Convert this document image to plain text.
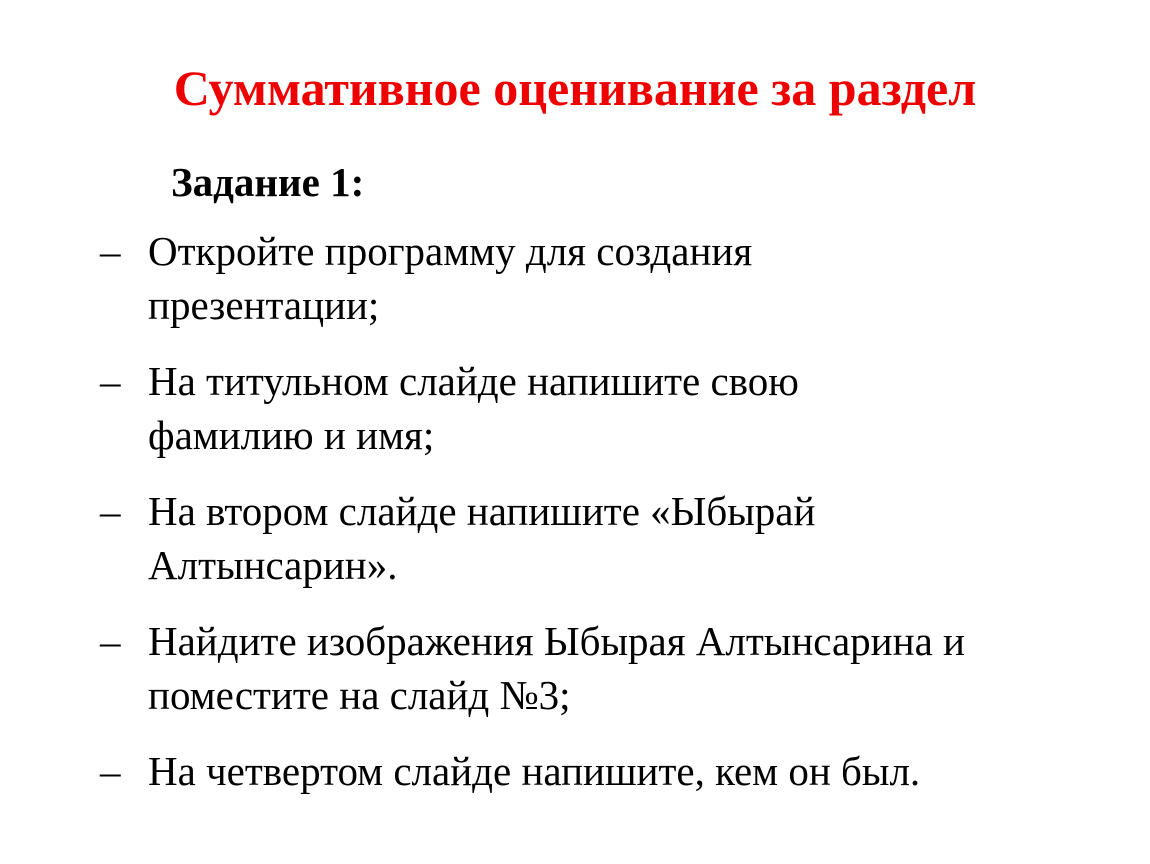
Суммативное оценивание за раздел
Задание 1:
– Откройте программу для создания
презентации;
– На титульном слайде напишите свою
фамилию и имя;
– На втором слайде напишите «Ыбырай
Алтынсарин».
– Найдите изображения Ыбырая Алтынсарина и
поместите на слайд №3;
– На четвертом слайде напишите, кем он был.
